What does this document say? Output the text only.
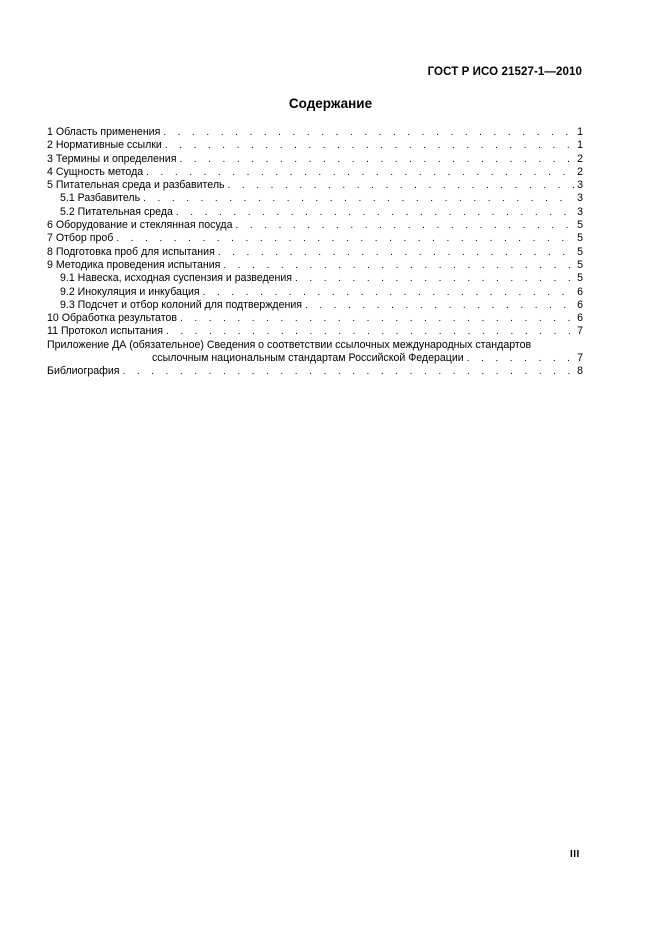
ГОСТ Р ИСО 21527-1—2010
Содержание
1 Область применения . . .	1
2 Нормативные ссылки . . .	1
3 Термины и определения . . .	2
4 Сущность метода . . .	2
5 Питательная среда и разбавитель . . .	3
5.1 Разбавитель . . .	3
5.2 Питательная среда . . .	3
6 Оборудование и стеклянная посуда . . .	5
7 Отбор проб . . .	5
8 Подготовка проб для испытания . . .	5
9 Методика проведения испытания . . .	5
9.1 Навеска, исходная суспензия и разведения . . .	5
9.2 Инокуляция и инкубация . . .	6
9.3 Подсчет и отбор колоний для подтверждения . . .	6
10 Обработка результатов . . .	6
11 Протокол испытания . . .	7
Приложение ДА (обязательное) Сведения о соответствии ссылочных международных стандартов
ссылочным национальным стандартам Российской Федерации . . .	7
Библиография . . .	8
III
